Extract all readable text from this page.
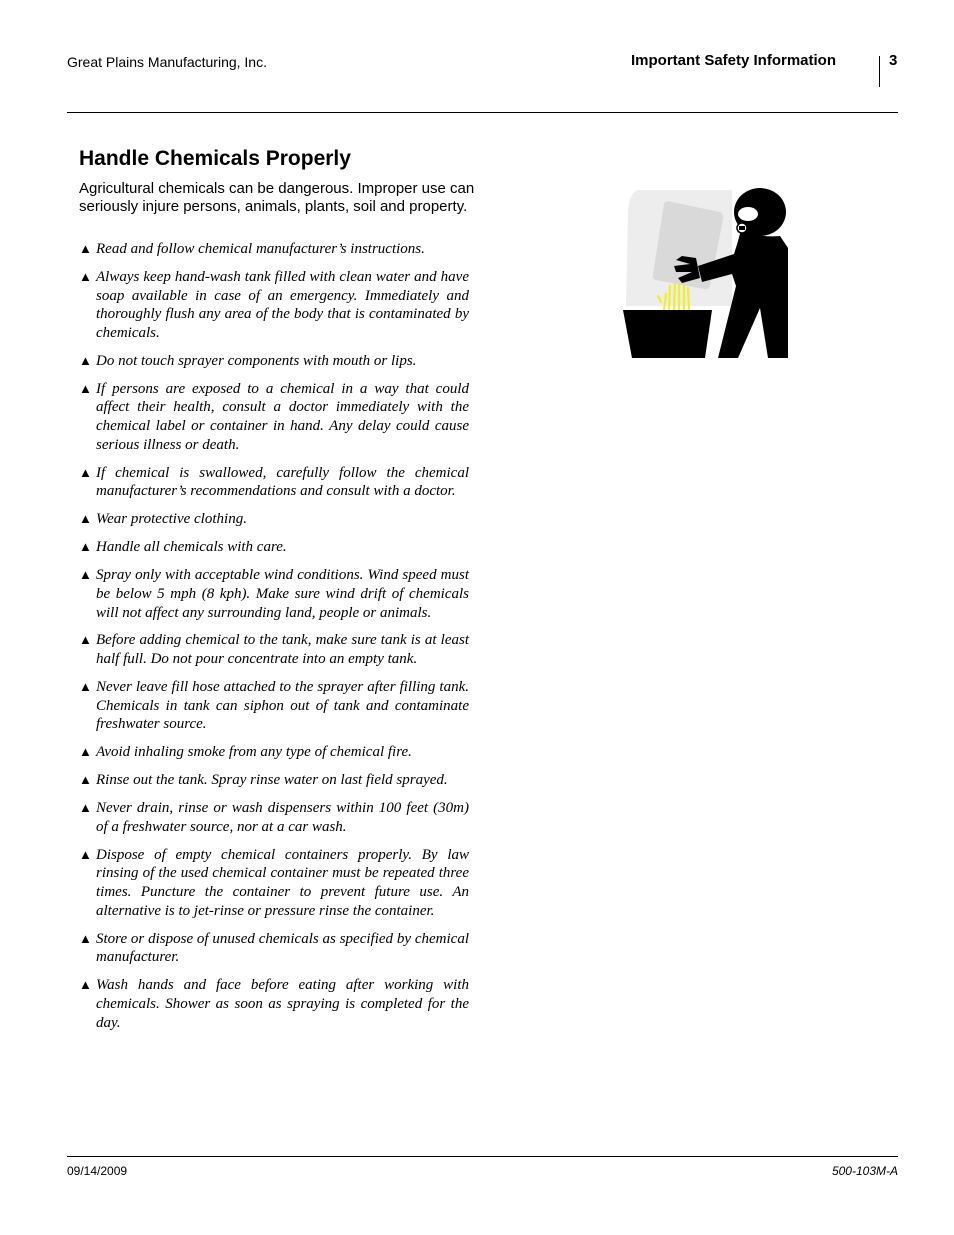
Great Plains Manufacturing, Inc.	Important Safety Information	3
Handle Chemicals Properly

Agricultural chemicals can be dangerous. Improper use can seriously injure persons, animals, plants, soil and property.

▲ Read and follow chemical manufacturer’s instructions.
▲ Always keep hand-wash tank filled with clean water and have soap available in case of an emergency. Immediately and thoroughly flush any area of the body that is contaminated by chemicals.
▲ Do not touch sprayer components with mouth or lips.
▲ If persons are exposed to a chemical in a way that could affect their health, consult a doctor immediately with the chemical label or container in hand. Any delay could cause serious illness or death.
▲ If chemical is swallowed, carefully follow the chemical manufacturer’s recommendations and consult with a doctor.
▲ Wear protective clothing.
▲ Handle all chemicals with care.
▲ Spray only with acceptable wind conditions. Wind speed must be below 5 mph (8 kph). Make sure wind drift of chemicals will not affect any surrounding land, people or animals.
▲ Before adding chemical to the tank, make sure tank is at least half full. Do not pour concentrate into an empty tank.
▲ Never leave fill hose attached to the sprayer after filling tank. Chemicals in tank can siphon out of tank and contaminate freshwater source.
▲ Avoid inhaling smoke from any type of chemical fire.
▲ Rinse out the tank. Spray rinse water on last field sprayed.
▲ Never drain, rinse or wash dispensers within 100 feet (30m) of a freshwater source, nor at a car wash.
▲ Dispose of empty chemical containers properly. By law rinsing of the used chemical container must be repeated three times. Puncture the container to prevent future use. An alternative is to jet-rinse or pressure rinse the container.
▲ Store or dispose of unused chemicals as specified by chemical manufacturer.
▲ Wash hands and face before eating after working with chemicals. Shower as soon as spraying is completed for the day.
09/14/2009	500-103M-A
